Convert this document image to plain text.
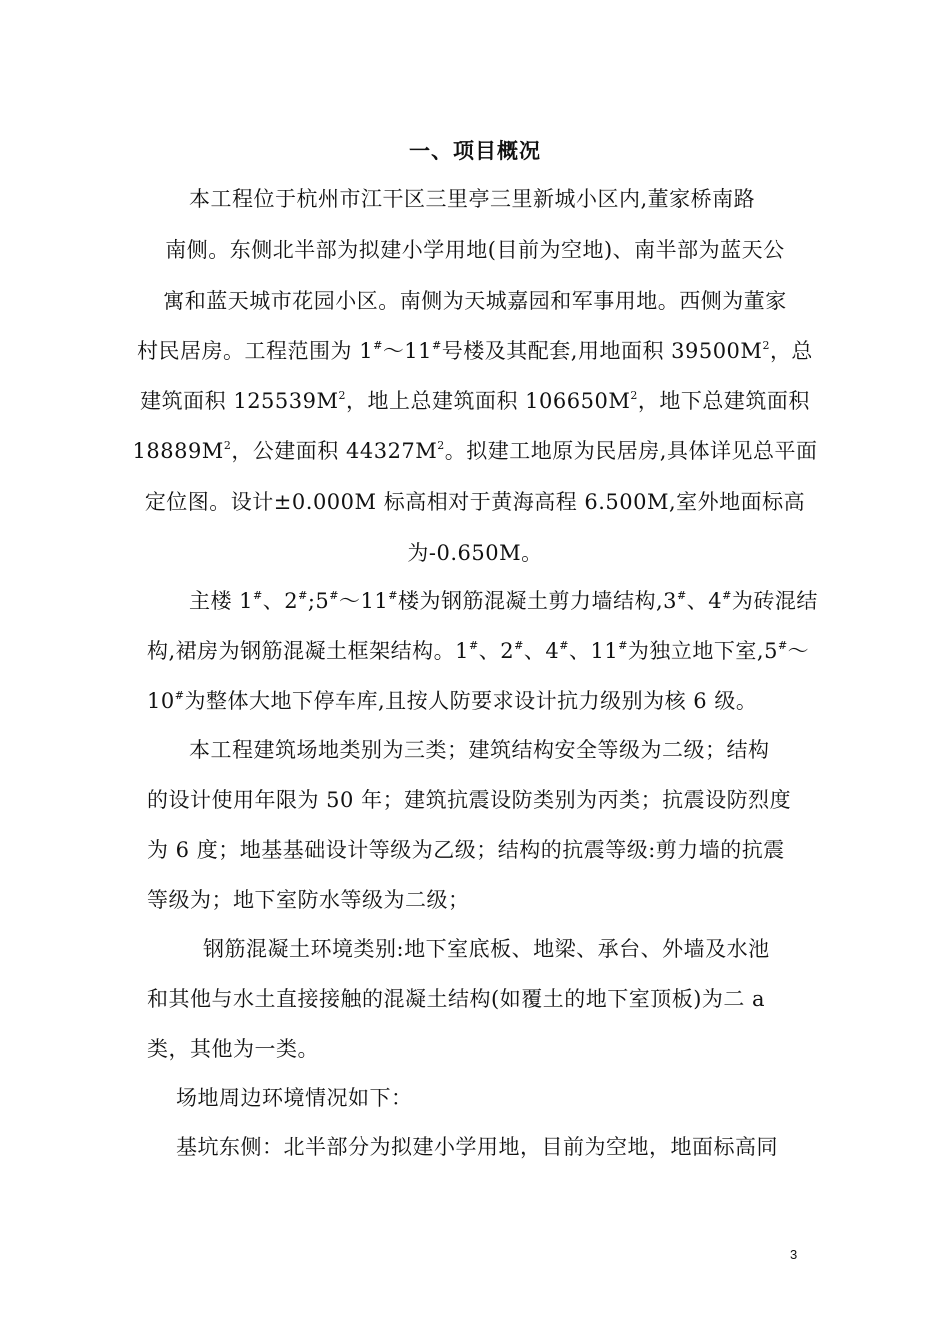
一、项目概况
本工程位于杭州市江干区三里亭三里新城小区内,董家桥南路
南侧。东侧北半部为拟建小学用地(目前为空地)、南半部为蓝天公
寓和蓝天城市花园小区。南侧为天城嘉园和军事用地。西侧为董家
村民居房。工程范围为 1#～11#号楼及其配套,用地面积 $39500M^2$，总
建筑面积 $125539M^2$，地上总建筑面积 $106650M^2$，地下总建筑面积
$18889M^2$，公建面积 $44327M^2$。拟建工地原为民居房,具体详见总平面
定位图。设计±0.000M 标高相对于黄海高程 6.500M,室外地面标高
为-0.650M。
主楼 1#、2#;5#～11#楼为钢筋混凝土剪力墙结构,3#、4#为砖混结
构,裙房为钢筋混凝土框架结构。1#、2#、4#、11#为独立地下室,5#～
10#为整体大地下停车库,且按人防要求设计抗力级别为核 6 级。
本工程建筑场地类别为三类；建筑结构安全等级为二级；结构
的设计使用年限为 50 年；建筑抗震设防类别为丙类；抗震设防烈度
为 6 度；地基基础设计等级为乙级；结构的抗震等级:剪力墙的抗震
等级为；地下室防水等级为二级；
钢筋混凝土环境类别:地下室底板、地梁、承台、外墙及水池
和其他与水土直接接触的混凝土结构(如覆土的地下室顶板)为二 a
类，其他为一类。
场地周边环境情况如下：
基坑东侧：北半部分为拟建小学用地，目前为空地，地面标高同
3
